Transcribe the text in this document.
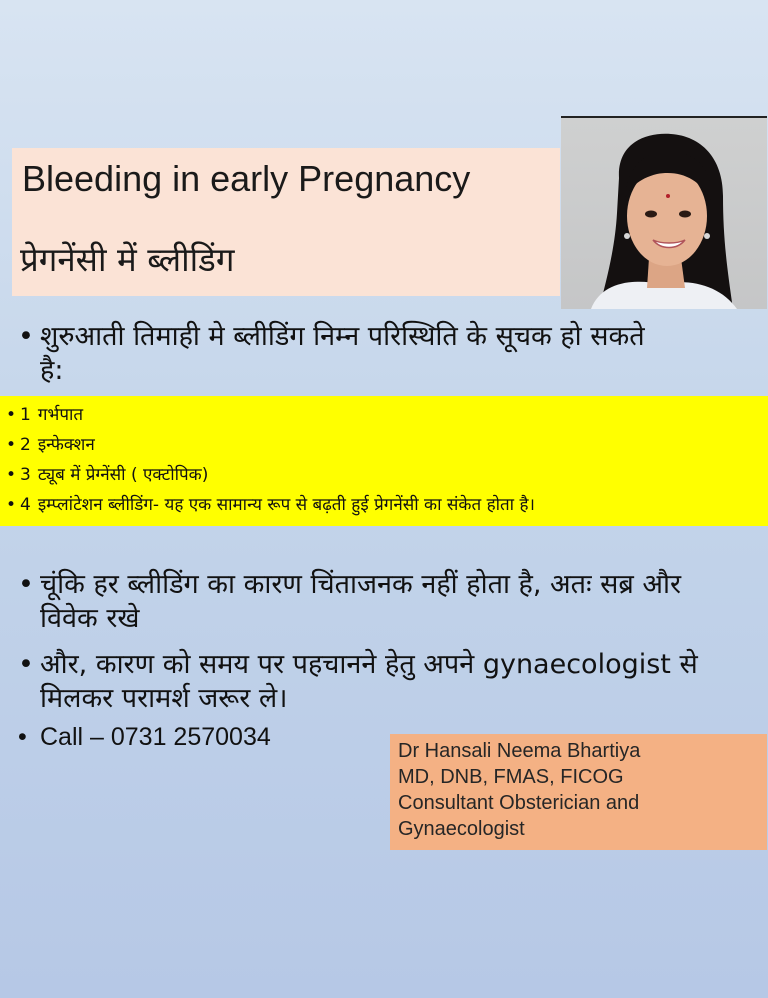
Bleeding in early Pregnancy
प्रेगनेंसी में ब्लीडिंग
• शुरुआती तिमाही मे ब्लीडिंग निम्न परिस्थिति के सूचक हो सकते है:
• 1 गर्भपात
• 2 इन्फेक्शन
• 3 ट्यूब में प्रेग्नेंसी ( एक्टोपिक)
• 4 इम्प्लांटेशन ब्लीडिंग- यह एक सामान्य रूप से बढ़ती हुई प्रेगनेंसी का संकेत होता है।
• चूंकि हर ब्लीडिंग का कारण चिंताजनक नहीं होता है, अतः सब्र और विवेक रखे
• और, कारण को समय पर पहचानने हेतु अपने gynaecologist से मिलकर परामर्श जरूर ले।
• Call – 0731 2570034	Dr Hansali Neema Bhartiya
MD, DNB, FMAS, FICOG
Consultant Obsterician and
Gynaecologist
